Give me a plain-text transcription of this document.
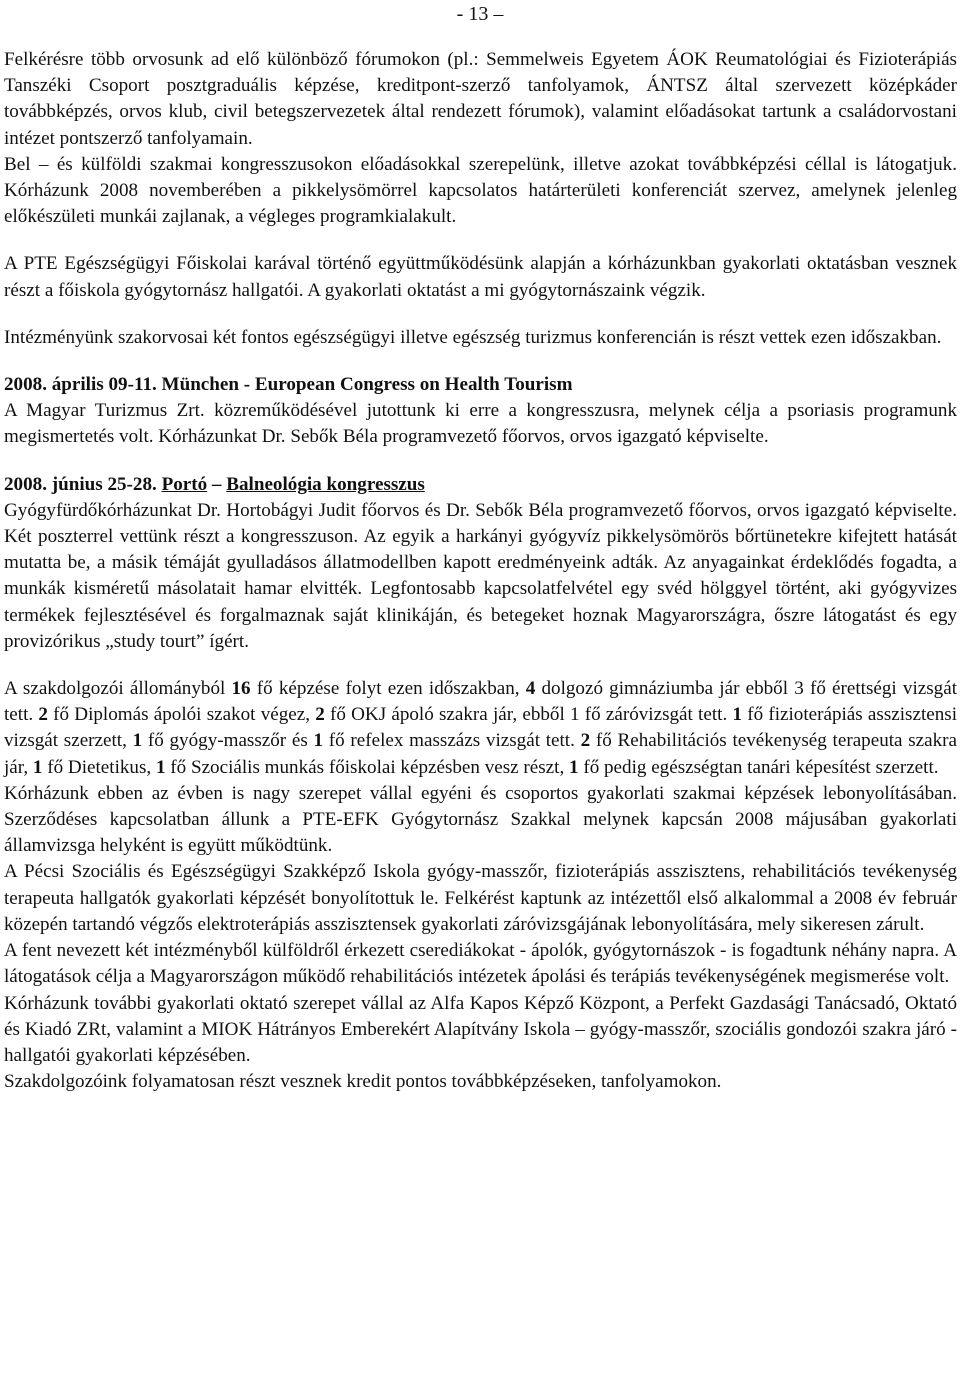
- 13 –

Felkérésre több orvosunk ad elő különböző fórumokon (pl.: Semmelweis Egyetem ÁOK Reumatológiai és Fizioterápiás Tanszéki Csoport posztgraduális képzése, kreditpont-szerző tanfolyamok, ÁNTSZ által szervezett középkáder továbbképzés, orvos klub, civil betegszervezetek által rendezett fórumok), valamint előadásokat tartunk a családorvostani intézet pontszerző tanfolyamain.

Bel – és külföldi szakmai kongresszusokon előadásokkal szerepelünk, illetve azokat továbbképzési céllal is látogatjuk. Kórházunk 2008 novemberében a pikkelysömörrel kapcsolatos határterületi konferenciát szervez, amelynek jelenleg előkészületi munkái zajlanak, a végleges programkialakult.

A PTE Egészségügyi Főiskolai karával történő együttműködésünk alapján a kórházunkban gyakorlati oktatásban vesznek részt a főiskola gyógytornász hallgatói. A gyakorlati oktatást a mi gyógytornászaink végzik.

Intézményünk szakorvosai két fontos egészségügyi illetve egészség turizmus konferencián is részt vettek ezen időszakban.

2008. április 09-11. München - European Congress on Health Tourism

A Magyar Turizmus Zrt. közreműködésével jutottunk ki erre a kongresszusra, melynek célja a psoriasis programunk megismertetés volt. Kórházunkat Dr. Sebők Béla programvezető főorvos, orvos igazgató képviselte.

2008. június 25-28. Portó – Balneológia kongresszus

Gyógyfürdőkórházunkat Dr. Hortobágyi Judit főorvos és Dr. Sebők Béla programvezető főorvos, orvos igazgató képviselte. Két poszterrel vettünk részt a kongresszuson. Az egyik a harkányi gyógyvíz pikkelysömörös bőrtünetekre kifejtett hatását mutatta be, a másik témáját gyulladásos állatmodellben kapott eredményeink adták. Az anyagainkat érdeklődés fogadta, a munkák kisméretű másolatait hamar elvitték. Legfontosabb kapcsolatfelvétel egy svéd hölggyel történt, aki gyógyvizes termékek fejlesztésével és forgalmaznak saját klinikáján, és betegeket hoznak Magyarországra, őszre látogatást és egy provizórikus „study tourt” ígért.

A szakdolgozói állományból 16 fő képzése folyt ezen időszakban, 4 dolgozó gimnáziumba jár ebből 3 fő érettségi vizsgát tett. 2 fő Diplomás ápolói szakot végez, 2 fő OKJ ápoló szakra jár, ebből 1 fő záróvizsgát tett. 1 fő fizioterápiás asszisztensi vizsgát szerzett, 1 fő gyógy-masszőr és 1 fő refelex masszázs vizsgát tett. 2 fő Rehabilitációs tevékenység terapeuta szakra jár, 1 fő Dietetikus, 1 fő Szociális munkás főiskolai képzésben vesz részt, 1 fő pedig egészségtan tanári képesítést szerzett.

Kórházunk ebben az évben is nagy szerepet vállal egyéni és csoportos gyakorlati szakmai képzések lebonyolításában. Szerződéses kapcsolatban állunk a PTE-EFK Gyógytornász Szakkal melynek kapcsán 2008 májusában gyakorlati államvizsga helyként is együtt működtünk.

A Pécsi Szociális és Egészségügyi Szakképző Iskola gyógy-masszőr, fizioterápiás asszisztens, rehabilitációs tevékenység terapeuta hallgatók gyakorlati képzését bonyolítottuk le. Felkérést kaptunk az intézettől első alkalommal a 2008 év február közepén tartandó végzős elektroterápiás asszisztensek gyakorlati záróvizsgájának lebonyolítására, mely sikeresen zárult.

A fent nevezett két intézményből külföldről érkezett cserediákokat - ápolók, gyógytornászok - is fogadtunk néhány napra. A látogatások célja a Magyarországon működő rehabilitációs intézetek ápolási és terápiás tevékenységének megismerése volt.

Kórházunk további gyakorlati oktató szerepet vállal az Alfa Kapos Képző Központ, a Perfekt Gazdasági Tanácsadó, Oktató és Kiadó ZRt, valamint a MIOK Hátrányos Emberekért Alapítvány Iskola – gyógy-masszőr, szociális gondozói szakra járó - hallgatói gyakorlati képzésében.

Szakdolgozóink folyamatosan részt vesznek kredit pontos továbbképzéseken, tanfolyamokon.
